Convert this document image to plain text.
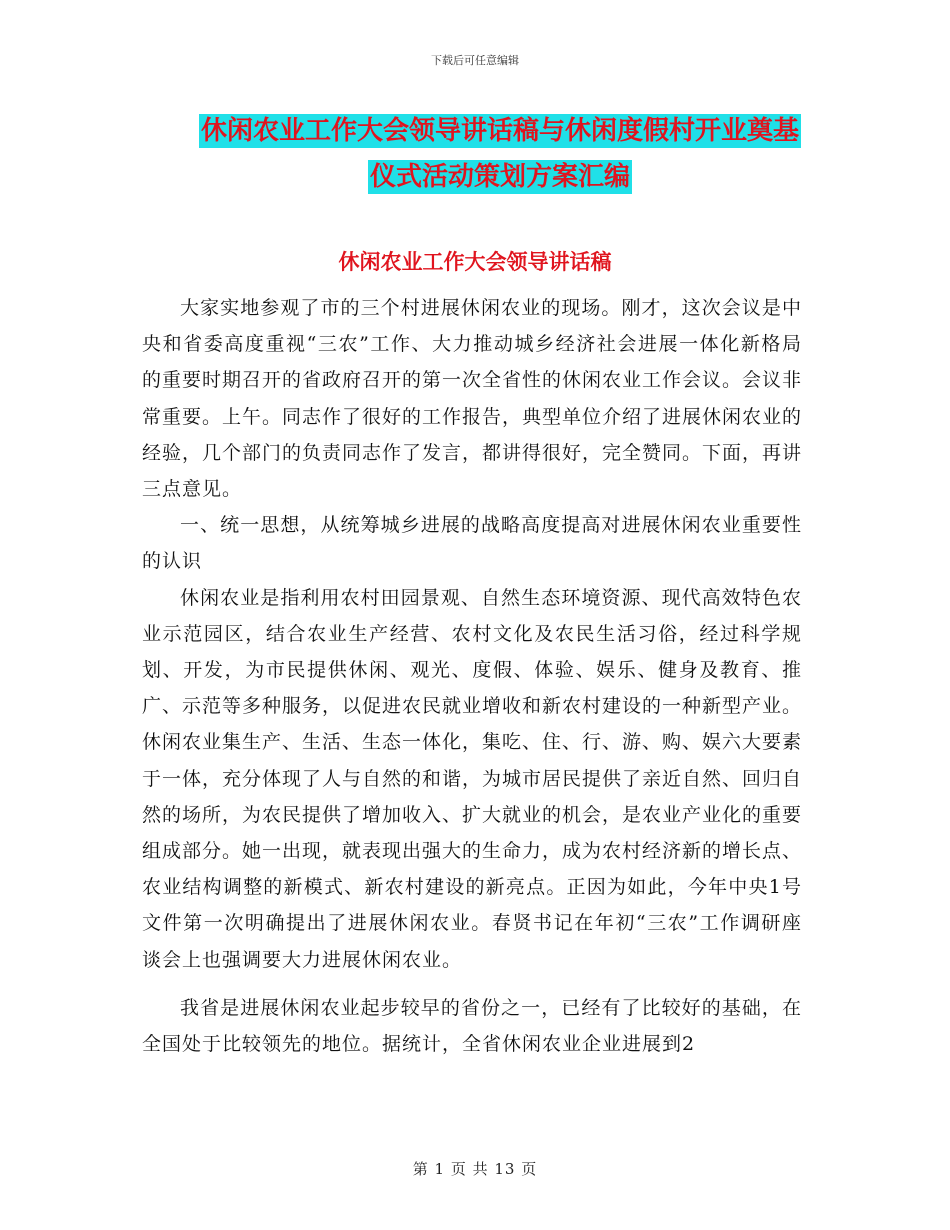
下载后可任意编辑
休闲农业工作大会领导讲话稿与休闲度假村开业奠基
仪式活动策划方案汇编
休闲农业工作大会领导讲话稿

大家实地参观了市的三个村进展休闲农业的现场。刚才，这次会议是中央和省委高度重视“三农”工作、大力推动城乡经济社会进展一体化新格局的重要时期召开的省政府召开的第一次全省性的休闲农业工作会议。会议非常重要。上午。同志作了很好的工作报告，典型单位介绍了进展休闲农业的经验，几个部门的负责同志作了发言，都讲得很好，完全赞同。下面，再讲三点意见。

一、统一思想，从统筹城乡进展的战略高度提高对进展休闲农业重要性的认识

休闲农业是指利用农村田园景观、自然生态环境资源、现代高效特色农业示范园区，结合农业生产经营、农村文化及农民生活习俗，经过科学规划、开发，为市民提供休闲、观光、度假、体验、娱乐、健身及教育、推广、示范等多种服务，以促进农民就业增收和新农村建设的一种新型产业。休闲农业集生产、生活、生态一体化，集吃、住、行、游、购、娱六大要素于一体，充分体现了人与自然的和谐，为城市居民提供了亲近自然、回归自然的场所，为农民提供了增加收入、扩大就业的机会，是农业产业化的重要组成部分。她一出现，就表现出强大的生命力，成为农村经济新的增长点、农业结构调整的新模式、新农村建设的新亮点。正因为如此，今年中央1号文件第一次明确提出了进展休闲农业。春贤书记在年初“三农”工作调研座谈会上也强调要大力进展休闲农业。

我省是进展休闲农业起步较早的省份之一，已经有了比较好的基础，在全国处于比较领先的地位。据统计，全省休闲农业企业进展到2

第 1 页 共 13 页
